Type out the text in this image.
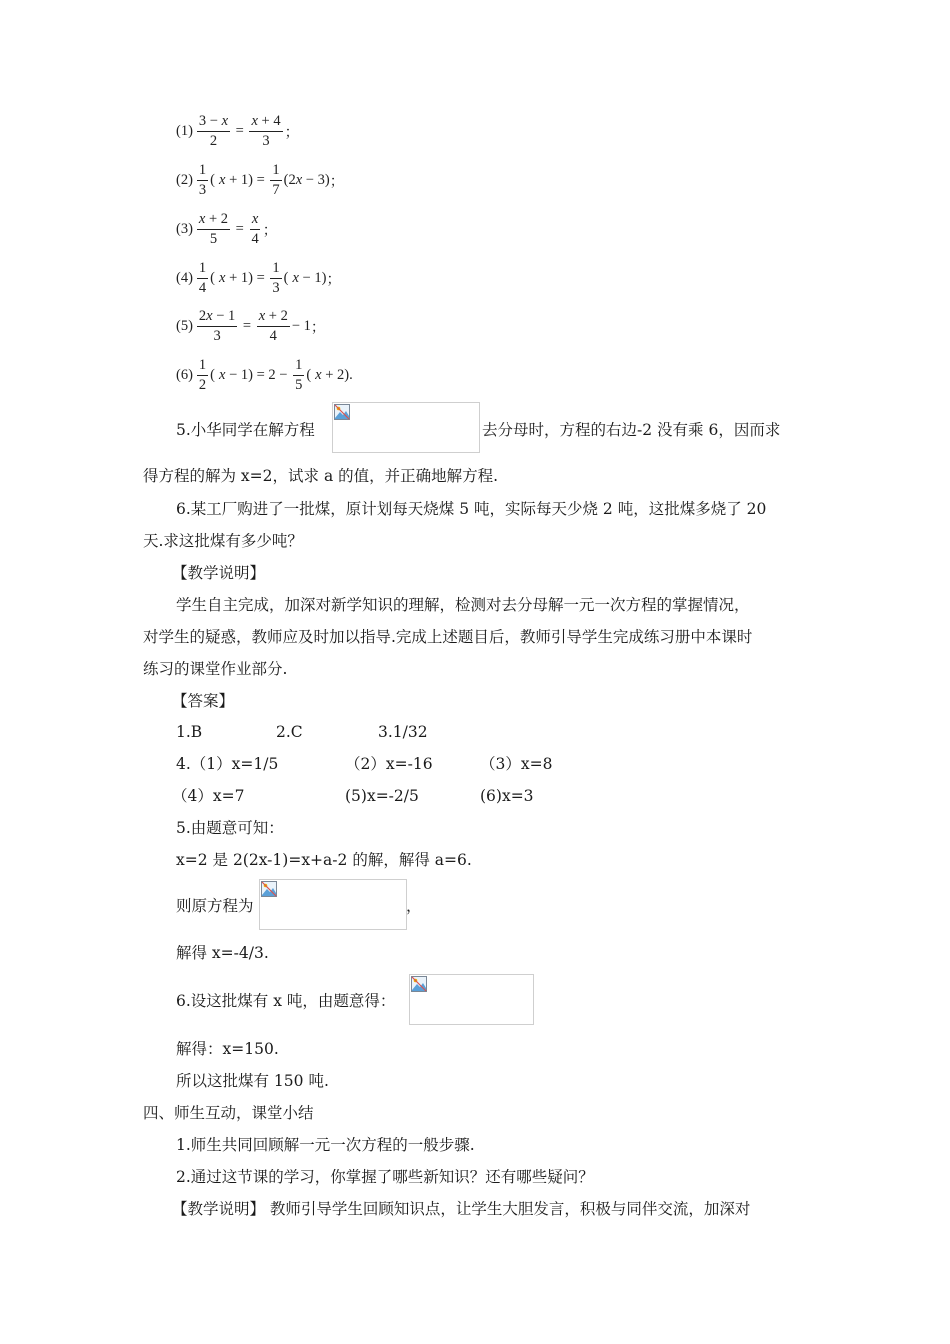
$(1) \frac{3 - x}{2} = \frac{x + 4}{3}$ ；
$(2) \frac{1}{3}$ ( $x + 1) = \frac{1}{7} (2x - 3)$ ；
$(3) \frac{x + 2}{5} = \frac{x}{4}$ ；
$(4) \frac{1}{4}$ ( $x + 1) = \frac{1}{3}$ ( x − 1) ；
$(5) \frac{2x - 1}{3} = \frac{x + 2}{4} - 1$ ；
$(6) \frac{1}{2}$ ( $x - 1) = 2 - \frac{1}{5}$ ( x + 2) .
5.小华同学在解方程	去分母时，方程的右边-2 没有乘 6，因而求
得方程的解为 x=2，试求 a 的值，并正确地解方程.
6.某工厂购进了一批煤，原计划每天烧煤 5 吨，实际每天少烧 2 吨，这批煤多烧了 20
天.求这批煤有多少吨？
【教学说明】
学生自主完成，加深对新学知识的理解，检测对去分母解一元一次方程的掌握情况，
对学生的疑惑，教师应及时加以指导.完成上述题目后，教师引导学生完成练习册中本课时
练习的课堂作业部分.
【答案】
1.B	2.C	3.1/32
4.（1）x=1/5	（2）x=-16	（3）x=8
（4）x=7	(5)x=-2/5	(6)x=3
5.由题意可知：
x=2 是 2(2x-1)=x+a-2 的解，解得 a=6.
则原方程为	，
解得 x=-4/3.
6.设这批煤有 x 吨，由题意得：
解得：x=150.
所以这批煤有 150 吨.
四、师生互动，课堂小结
1.师生共同回顾解一元一次方程的一般步骤.
2.通过这节课的学习，你掌握了哪些新知识？还有哪些疑问？
【教学说明】 教师引导学生回顾知识点，让学生大胆发言，积极与同伴交流，加深对
